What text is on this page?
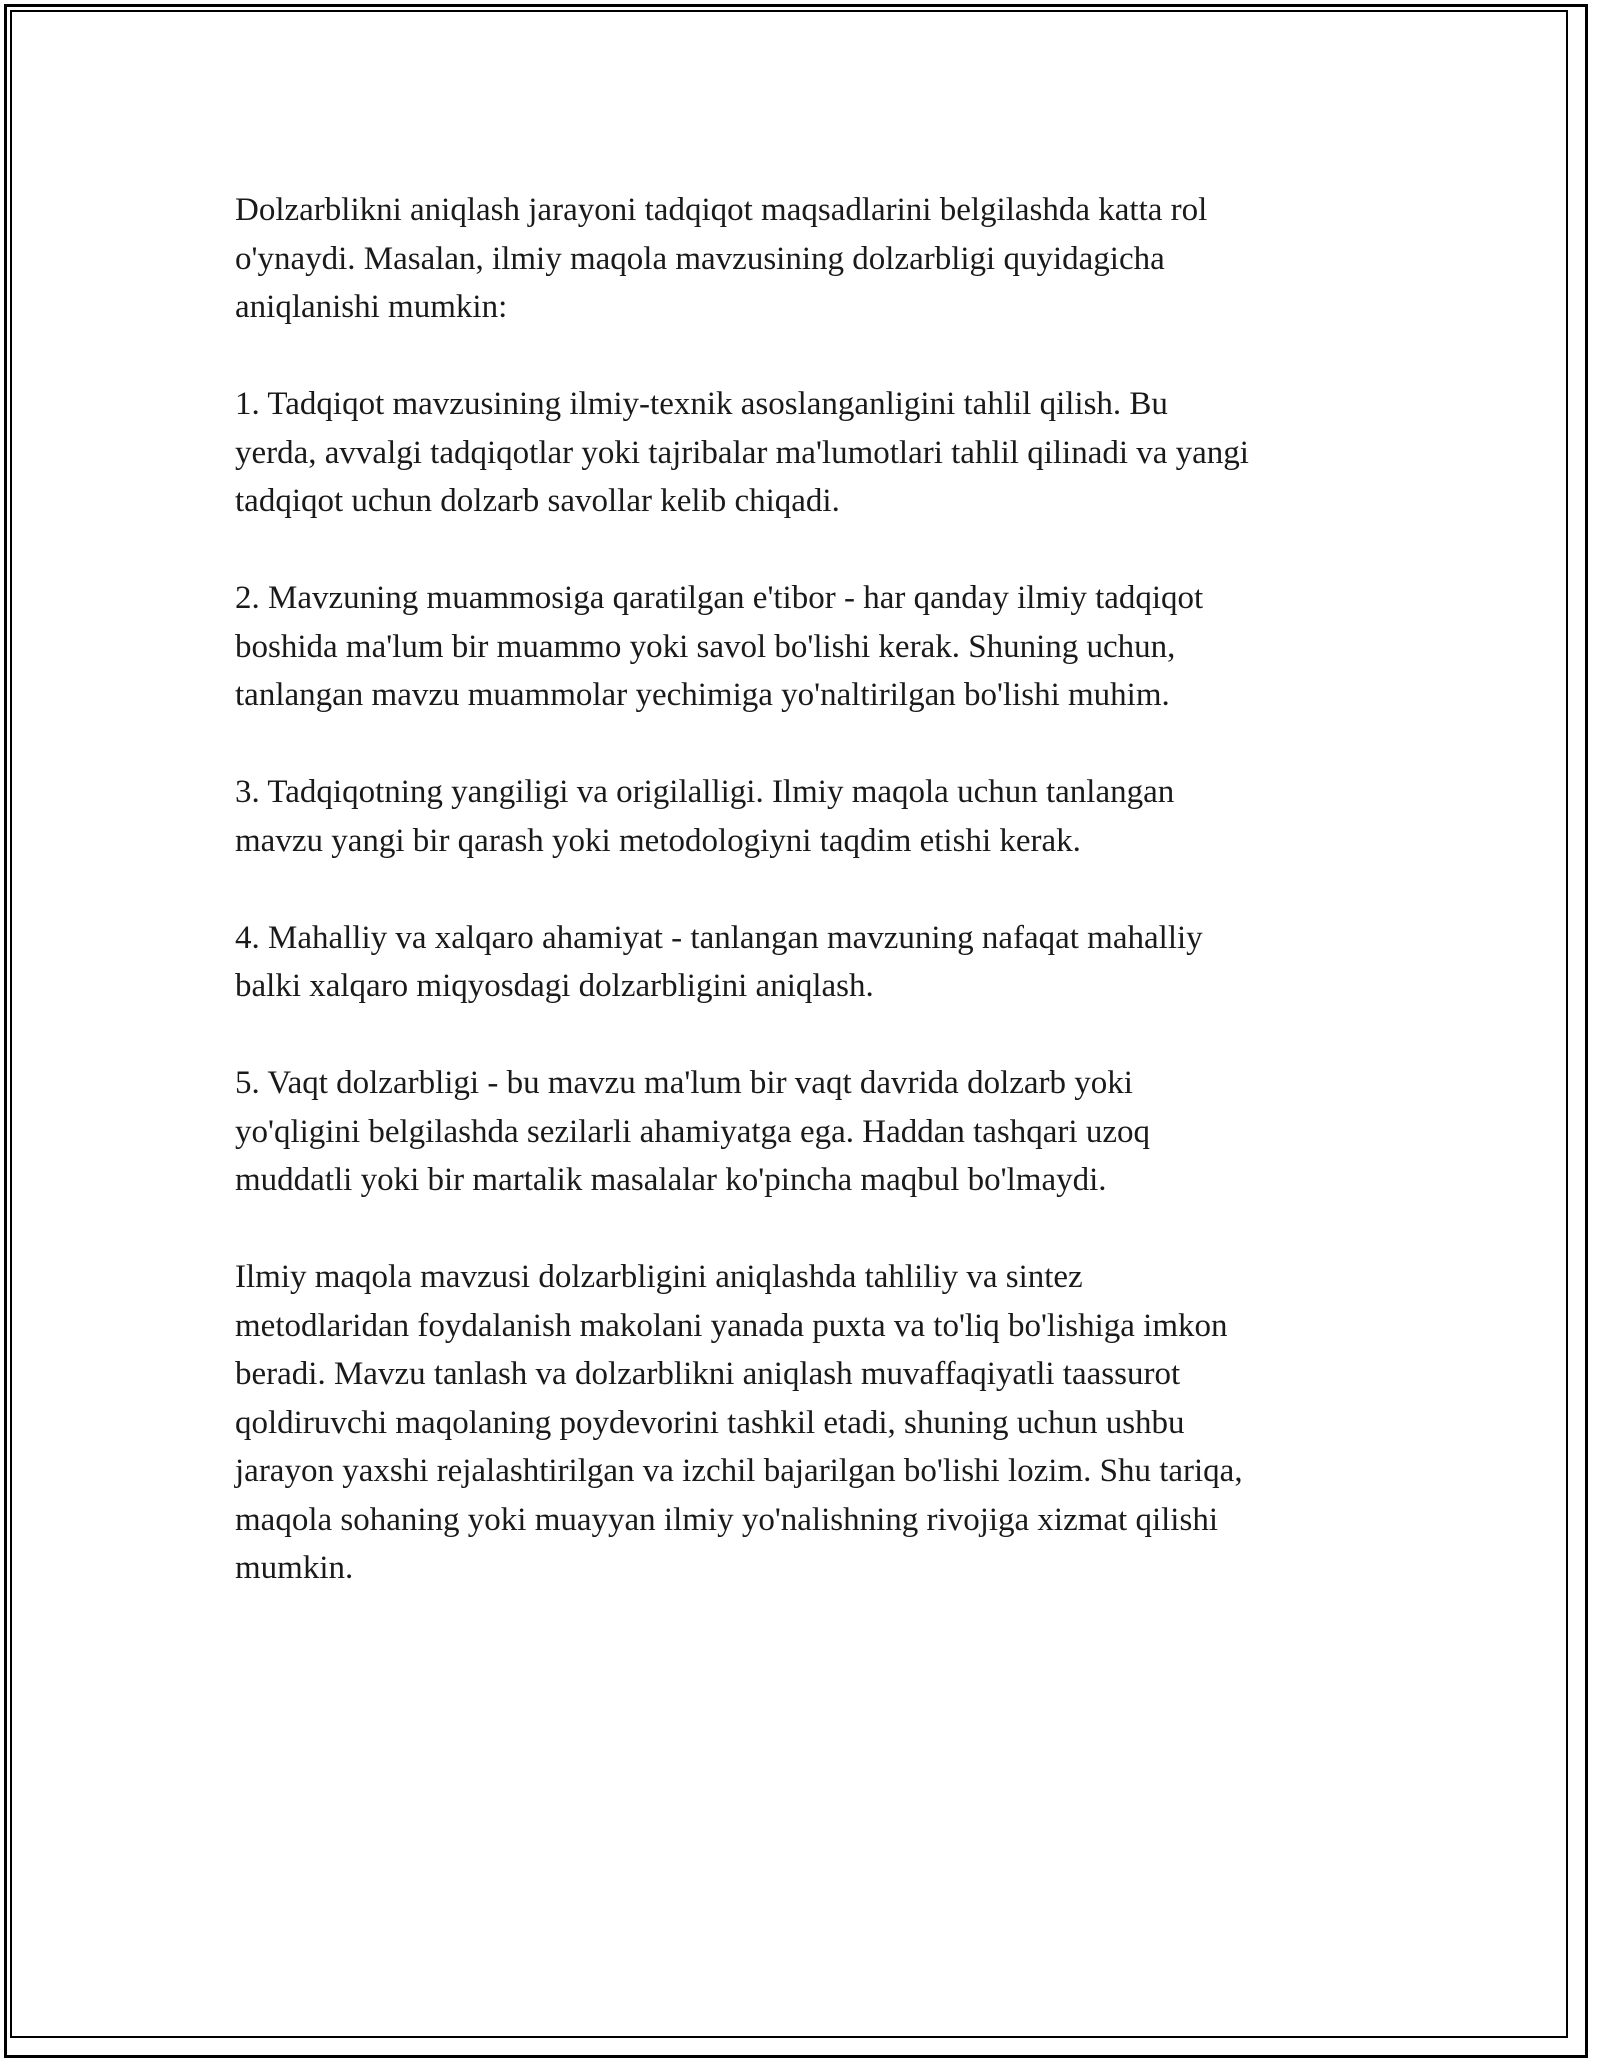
Dolzarblikni aniqlash jarayoni tadqiqot maqsadlarini belgilashda katta rol
o'ynaydi. Masalan, ilmiy maqola mavzusining dolzarbligi quyidagicha
aniqlanishi mumkin:

1. Tadqiqot mavzusining ilmiy-texnik asoslanganligini tahlil qilish. Bu
yerda, avvalgi tadqiqotlar yoki tajribalar ma'lumotlari tahlil qilinadi va yangi
tadqiqot uchun dolzarb savollar kelib chiqadi.

2. Mavzuning muammosiga qaratilgan e'tibor - har qanday ilmiy tadqiqot
boshida ma'lum bir muammo yoki savol bo'lishi kerak. Shuning uchun,
tanlangan mavzu muammolar yechimiga yo'naltirilgan bo'lishi muhim.

3. Tadqiqotning yangiligi va origilalligi. Ilmiy maqola uchun tanlangan
mavzu yangi bir qarash yoki metodologiyni taqdim etishi kerak.

4. Mahalliy va xalqaro ahamiyat - tanlangan mavzuning nafaqat mahalliy
balki xalqaro miqyosdagi dolzarbligini aniqlash.

5. Vaqt dolzarbligi - bu mavzu ma'lum bir vaqt davrida dolzarb yoki
yo'qligini belgilashda sezilarli ahamiyatga ega. Haddan tashqari uzoq
muddatli yoki bir martalik masalalar ko'pincha maqbul bo'lmaydi.

Ilmiy maqola mavzusi dolzarbligini aniqlashda tahliliy va sintez
metodlaridan foydalanish makolani yanada puxta va to'liq bo'lishiga imkon
beradi. Mavzu tanlash va dolzarblikni aniqlash muvaffaqiyatli taassurot
qoldiruvchi maqolaning poydevorini tashkil etadi, shuning uchun ushbu
jarayon yaxshi rejalashtirilgan va izchil bajarilgan bo'lishi lozim. Shu tariqa,
maqola sohaning yoki muayyan ilmiy yo'nalishning rivojiga xizmat qilishi
mumkin.
